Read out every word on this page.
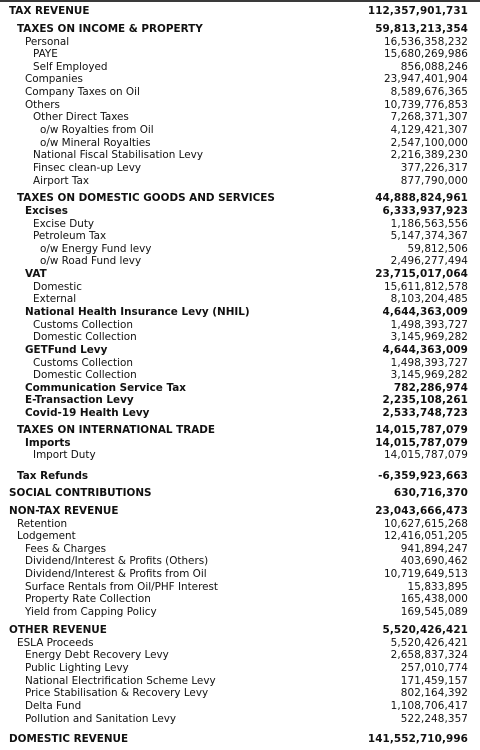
TAX REVENUE	112,357,901,731
TAXES ON INCOME & PROPERTY	59,813,213,354
Personal	16,536,358,232
PAYE	15,680,269,986
Self Employed	856,088,246
Companies	23,947,401,904
Company Taxes on Oil	8,589,676,365
Others	10,739,776,853
Other Direct Taxes	7,268,371,307
o/w Royalties from Oil	4,129,421,307
o/w Mineral Royalties	2,547,100,000
National Fiscal Stabilisation Levy	2,216,389,230
Finsec clean-up Levy	377,226,317
Airport Tax	877,790,000
TAXES ON DOMESTIC GOODS AND SERVICES	44,888,824,961
Excises	6,333,937,923
Excise Duty	1,186,563,556
Petroleum Tax	5,147,374,367
o/w Energy Fund levy	59,812,506
o/w Road Fund levy	2,496,277,494
VAT	23,715,017,064
Domestic	15,611,812,578
External	8,103,204,485
National Health Insurance Levy (NHIL)	4,644,363,009
Customs Collection	1,498,393,727
Domestic Collection	3,145,969,282
GETFund Levy	4,644,363,009
Customs Collection	1,498,393,727
Domestic Collection	3,145,969,282
Communication Service Tax	782,286,974
E-Transaction Levy	2,235,108,261
Covid-19 Health Levy	2,533,748,723
TAXES ON INTERNATIONAL TRADE	14,015,787,079
Imports	14,015,787,079
Import Duty	14,015,787,079
Tax Refunds	-6,359,923,663
SOCIAL CONTRIBUTIONS	630,716,370
NON-TAX REVENUE	23,043,666,473
Retention	10,627,615,268
Lodgement	12,416,051,205
Fees & Charges	941,894,247
Dividend/Interest & Profits (Others)	403,690,462
Dividend/Interest & Profits from Oil	10,719,649,513
Surface Rentals from Oil/PHF Interest	15,833,895
Property Rate Collection	165,438,000
Yield from Capping Policy	169,545,089
OTHER REVENUE	5,520,426,421
ESLA Proceeds	5,520,426,421
Energy Debt Recovery Levy	2,658,837,324
Public Lighting Levy	257,010,774
National Electrification Scheme Levy	171,459,157
Price Stabilisation & Recovery Levy	802,164,392
Delta Fund	1,108,706,417
Pollution and Sanitation Levy	522,248,357
DOMESTIC REVENUE	141,552,710,996
